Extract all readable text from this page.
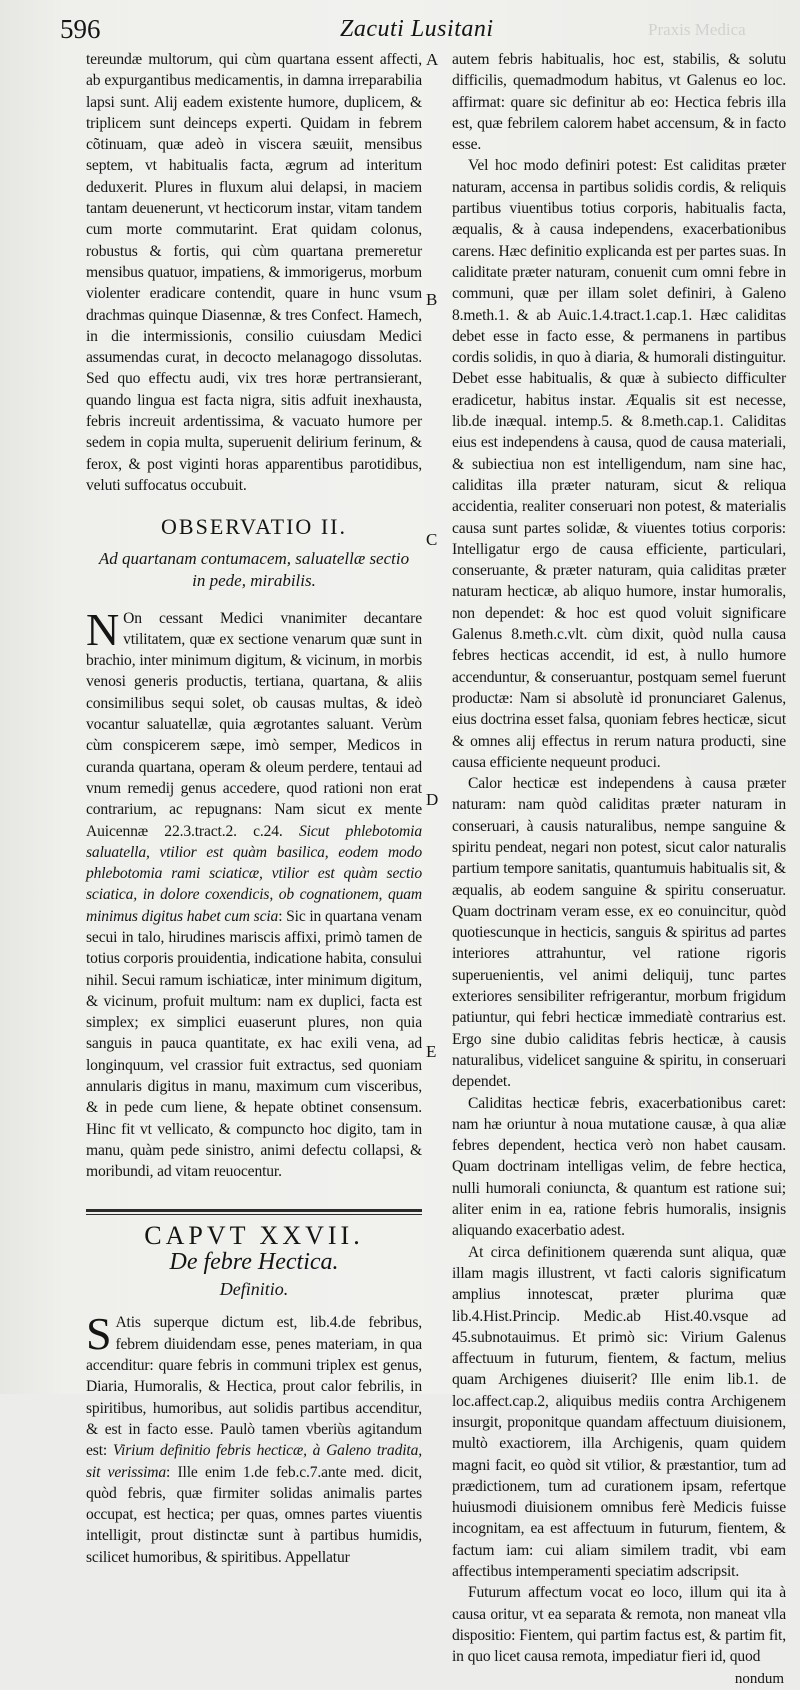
596	Zacuti Lusitani	Praxis Medica
A
B
C
D
E

tereundæ multorum, qui cùm quartana essent affecti, ab expurgantibus medicamentis, in damna irreparabilia lapsi sunt. Alij eadem existente humore, duplicem, & triplicem sunt deinceps experti. Quidam in febrem cõtinuam, quæ adeò in viscera sæuiit, mensibus septem, vt habitualis facta, ægrum ad interitum deduxerit. Plures in fluxum alui delapsi, in maciem tantam deuenerunt, vt hecticorum instar, vitam tandem cum morte commutarint. Erat quidam colonus, robustus & fortis, qui cùm quartana premeretur mensibus quatuor, impatiens, & immorigerus, morbum violenter eradicare contendit, quare in hunc vsum drachmas quinque Diasennæ, & tres Confect. Hamech, in die intermissionis, consilio cuiusdam Medici assumendas curat, in decocto melanagogo dissolutas. Sed quo effectu audi, vix tres horæ pertransierant, quando lingua est facta nigra, sitis adfuit inexhausta, febris increuit ardentissima, & vacuato humore per sedem in copia multa, superuenit delirium ferinum, & ferox, & post viginti horas apparentibus parotidibus, veluti suffocatus occubuit.

OBSERVATIO II.

Ad quartanam contumacem, saluatellæ sectio
in pede, mirabilis.

N On cessant Medici vnanimiter decantare vtilitatem, quæ ex sectione venarum quæ sunt in brachio, inter minimum digitum, & vicinum, in morbis venosi generis productis, tertiana, quartana, & aliis consimilibus sequi solet, ob causas multas, & ideò vocantur saluatellæ, quia ægrotantes saluant. Verùm cùm conspicerem sæpe, imò semper, Medicos in curanda quartana, operam & oleum perdere, tentaui ad vnum remedij genus accedere, quod rationi non erat contrarium, ac repugnans: Nam sicut ex mente Auicennæ 22.3.tract.2. c.24. Sicut phlebotomia saluatella, vtilior est quàm basilica, eodem modo phlebotomia rami sciaticæ, vtilior est quàm sectio sciatica, in dolore coxendicis, ob cognationem, quam minimus digitus habet cum scia: Sic in quartana venam secui in talo, hirudines mariscis affixi, primò tamen de totius corporis prouidentia, indicatione habita, consului nihil. Secui ramum ischiaticæ, inter minimum digitum, & vicinum, profuit multum: nam ex duplici, facta est simplex; ex simplici euaserunt plures, non quia sanguis in pauca quantitate, ex hac exili vena, ad longinquum, vel crassior fuit extractus, sed quoniam annularis digitus in manu, maximum cum visceribus, & in pede cum liene, & hepate obtinet consensum. Hinc fit vt vellicato, & compuncto hoc digito, tam in manu, quàm pede sinistro, animi defectu collapsi, & moribundi, ad vitam reuocentur.

CAPVT XXVII.

De febre Hectica.

Definitio.

S Atis superque dictum est, lib.4.de febribus, febrem diuidendam esse, penes materiam, in qua accenditur: quare febris in communi triplex est genus, Diaria, Humoralis, & Hectica, prout calor febrilis, in spiritibus, humoribus, aut solidis partibus accenditur, & est in facto esse. Paulò tamen vberiùs agitandum est: Virium definitio febris hecticæ, à Galeno tradita, sit verissima: Ille enim 1.de feb.c.7.ante med. dicit, quòd febris, quæ firmiter solidas animalis partes occupat, est hectica; per quas, omnes partes viuentis intelligit, prout distinctæ sunt à partibus humidis, scilicet humoribus, & spiritibus. Appellatur

autem febris habitualis, hoc est, stabilis, & solutu difficilis, quemadmodum habitus, vt Galenus eo loc. affirmat: quare sic definitur ab eo: Hectica febris illa est, quæ febrilem calorem habet accensum, & in facto esse.

Vel hoc modo definiri potest: Est caliditas præter naturam, accensa in partibus solidis cordis, & reliquis partibus viuentibus totius corporis, habitualis facta, æqualis, & à causa independens, exacerbationibus carens. Hæc definitio explicanda est per partes suas. In caliditate præter naturam, conuenit cum omni febre in communi, quæ per illam solet definiri, à Galeno 8.meth.1. & ab Auic.1.4.tract.1.cap.1. Hæc caliditas debet esse in facto esse, & permanens in partibus cordis solidis, in quo à diaria, & humorali distinguitur. Debet esse habitualis, & quæ à subiecto difficulter eradicetur, habitus instar. Æqualis sit est necesse, lib.de inæqual. intemp.5. & 8.meth.cap.1. Caliditas eius est independens à causa, quod de causa materiali, & subiectiua non est intelligendum, nam sine hac, caliditas illa præter naturam, sicut & reliqua accidentia, realiter conseruari non potest, & materialis causa sunt partes solidæ, & viuentes totius corporis: Intelligatur ergo de causa efficiente, particulari, conseruante, & præter naturam, quia caliditas præter naturam hecticæ, ab aliquo humore, instar humoralis, non dependet: & hoc est quod voluit significare Galenus 8.meth.c.vlt. cùm dixit, quòd nulla causa febres hecticas accendit, id est, à nullo humore accenduntur, & conseruantur, postquam semel fuerunt productæ: Nam si absolutè id pronunciaret Galenus, eius doctrina esset falsa, quoniam febres hecticæ, sicut & omnes alij effectus in rerum natura producti, sine causa efficiente nequeunt produci.

Calor hecticæ est independens à causa præter naturam: nam quòd caliditas præter naturam in conseruari, à causis naturalibus, nempe sanguine & spiritu pendeat, negari non potest, sicut calor naturalis partium tempore sanitatis, quantumuis habitualis sit, & æqualis, ab eodem sanguine & spiritu conseruatur. Quam doctrinam veram esse, ex eo conuincitur, quòd quotiescunque in hecticis, sanguis & spiritus ad partes interiores attrahuntur, vel ratione rigoris superuenientis, vel animi deliquij, tunc partes exteriores sensibiliter refrigerantur, morbum frigidum patiuntur, qui febri hecticæ immediatè contrarius est. Ergo sine dubio caliditas febris hecticæ, à causis naturalibus, videlicet sanguine & spiritu, in conseruari dependet.

Caliditas hecticæ febris, exacerbationibus caret: nam hæ oriuntur à noua mutatione causæ, à qua aliæ febres dependent, hectica verò non habet causam. Quam doctrinam intelligas velim, de febre hectica, nulli humorali coniuncta, & quantum est ratione sui; aliter enim in ea, ratione febris humoralis, insignis aliquando exacerbatio adest.

At circa definitionem quærenda sunt aliqua, quæ illam magis illustrent, vt facti caloris significatum amplius innotescat, præter plurima quæ lib.4.Hist.Princip. Medic.ab Hist.40.vsque ad 45.subnotauimus. Et primò sic: Virium Galenus affectuum in futurum, fientem, & factum, melius quam Archigenes diuiserit? Ille enim lib.1. de loc.affect.cap.2, aliquibus mediis contra Archigenem insurgit, proponitque quandam affectuum diuisionem, multò exactiorem, illa Archigenis, quam quidem magni facit, eo quòd sit vtilior, & præstantior, tum ad prædictionem, tum ad curationem ipsam, refertque huiusmodi diuisionem omnibus ferè Medicis fuisse incognitam, ea est affectuum in futurum, fientem, & factum iam: cui aliam similem tradit, vbi eam affectibus intemperamenti speciatim adscripsit.

Futurum affectum vocat eo loco, illum qui ita à causa oritur, vt ea separata & remota, non maneat vlla dispositio: Fientem, qui partim factus est, & partim fit, in quo licet causa remota, impediatur fieri id, quod

nondum
